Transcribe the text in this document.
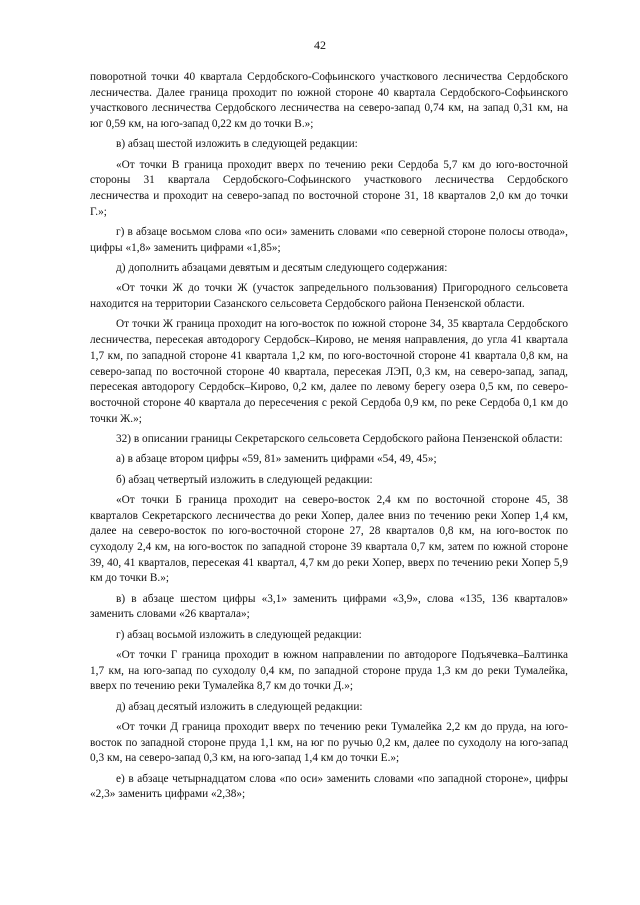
42

поворотной точки 40 квартала Сердобского-Софьинского участкового лесничества Сердобского лесничества. Далее граница проходит по южной стороне 40 квартала Сердобского-Софьинского участкового лесничества Сердобского лесничества на северо-запад 0,74 км, на запад 0,31 км, на юг 0,59 км, на юго-запад 0,22 км до точки В.»;

в) абзац шестой изложить в следующей редакции:

«От точки В граница проходит вверх по течению реки Сердоба 5,7 км до юго-восточной стороны 31 квартала Сердобского-Софьинского участкового лесничества Сердобского лесничества и проходит на северо-запад по восточной стороне 31, 18 кварталов 2,0 км до точки Г.»;

г) в абзаце восьмом слова «по оси» заменить словами «по северной стороне полосы отвода», цифры «1,8» заменить цифрами «1,85»;

д) дополнить абзацами девятым и десятым следующего содержания:

«От точки Ж до точки Ж (участок запредельного пользования) Пригородного сельсовета находится на территории Сазанского сельсовета Сердобского района Пензенской области.

От точки Ж граница проходит на юго-восток по южной стороне 34, 35 квартала Сердобского лесничества, пересекая автодорогу Сердобск–Кирово, не меняя направления, до угла 41 квартала 1,7 км, по западной стороне 41 квартала 1,2 км, по юго-восточной стороне 41 квартала 0,8 км, на северо-запад по восточной стороне 40 квартала, пересекая ЛЭП, 0,3 км, на северо-запад, запад, пересекая автодорогу Сердобск–Кирово, 0,2 км, далее по левому берегу озера 0,5 км, по северо-восточной стороне 40 квартала до пересечения с рекой Сердоба 0,9 км, по реке Сердоба 0,1 км до точки Ж.»;

32) в описании границы Секретарского сельсовета Сердобского района Пензенской области:

а) в абзаце втором цифры «59, 81» заменить цифрами «54, 49, 45»;

б) абзац четвертый изложить в следующей редакции:

«От точки Б граница проходит на северо-восток 2,4 км по восточной стороне 45, 38 кварталов Секретарского лесничества до реки Хопер, далее вниз по течению реки Хопер 1,4 км, далее на северо-восток по юго-восточной стороне 27, 28 кварталов 0,8 км, на юго-восток по суходолу 2,4 км, на юго-восток по западной стороне 39 квартала 0,7 км, затем по южной стороне 39, 40, 41 кварталов, пересекая 41 квартал, 4,7 км до реки Хопер, вверх по течению реки Хопер 5,9 км до точки В.»;

в) в абзаце шестом цифры «3,1» заменить цифрами «3,9», слова «135, 136 кварталов» заменить словами «26 квартала»;

г) абзац восьмой изложить в следующей редакции:

«От точки Г граница проходит в южном направлении по автодороге Подъячевка–Балтинка 1,7 км, на юго-запад по суходолу 0,4 км, по западной стороне пруда 1,3 км до реки Тумалейка, вверх по течению реки Тумалейка 8,7 км до точки Д.»;

д) абзац десятый изложить в следующей редакции:

«От точки Д граница проходит вверх по течению реки Тумалейка 2,2 км до пруда, на юго-восток по западной стороне пруда 1,1 км, на юг по ручью 0,2 км, далее по суходолу на юго-запад 0,3 км, на северо-запад 0,3 км, на юго-запад 1,4 км до точки Е.»;

е) в абзаце четырнадцатом слова «по оси» заменить словами «по западной стороне», цифры «2,3» заменить цифрами «2,38»;
